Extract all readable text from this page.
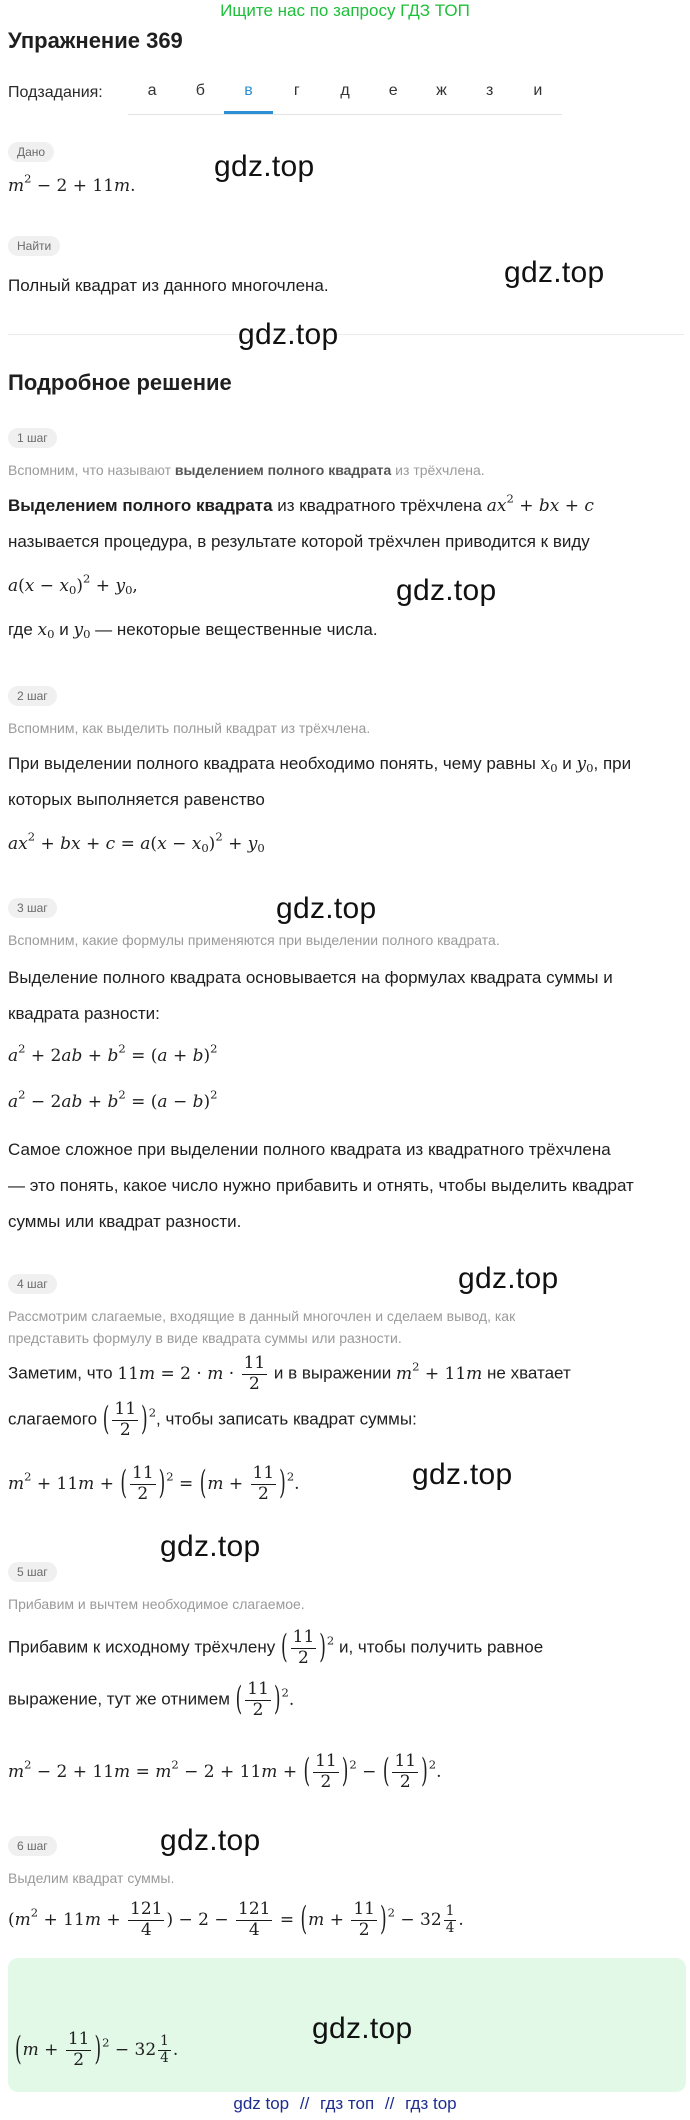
Ищите нас по запросу ГДЗ ТОП
Упражнение 369
Подзадания:	а	б	в	г	д	е	ж	з	и
Дано
$m^2 - 2 + 11m$.
Найти
Полный квадрат из данного многочлена.
Подробное решение
1 шаг
Вспомним, что называют выделением полного квадрата из трёхчлена.
Выделением полного квадрата из квадратного трёхчлена $ax^2$ + bx + c
называется процедура, в результате которой трёхчлен приводится к виду
$a(x - x_0)^2 + y_0$,
где $x_0$ и $y_0$ — некоторые вещественные числа.
2 шаг
Вспомним, как выделить полный квадрат из трёхчлена.
При выделении полного квадрата необходимо понять, чему равны $x_0$ и $y_0$, при
которых выполняется равенство
$ax^2$ + bx + $c = a(x - x_0)^2 + y_0$
3 шаг
Вспомним, какие формулы применяются при выделении полного квадрата.
Выделение полного квадрата основывается на формулах квадрата суммы и
квадрата разности:
$a^2 + 2ab + b^2 = (a + b)^2$
$a^2 - 2ab + b^2 = (a - b)^2$
Самое сложное при выделении полного квадрата из квадратного трёхчлена
— это понять, какое число нужно прибавить и отнять, чтобы выделить квадрат
суммы или квадрат разности.
4 шаг
Рассмотрим слагаемые, входящие в данный многочлен и сделаем вывод, как
представить формулу в виде квадрата суммы или разности.
Заметим, что $11m = 2 \cdot m \cdot \frac{11}{2}$ и в выражении $m^2 + 11m$ не хватает
слагаемого ( $\frac{11}{2} )^2$, чтобы записать квадрат суммы:
$m^2 + 11m$ + ( $\frac{11}{2} )^2 = (m + \frac{11}{2} )^2$.
5 шаг
Прибавим и вычтем необходимое слагаемое.
Прибавим к исходному трёхчлену ( $\frac{11}{2} )^2$ и, чтобы получить равное
выражение, тут же отнимем ( $\frac{11}{2} )^2$.
$m^2 - 2 + 11m = m^2 - 2 + 11m$ + ( $\frac{11}{2} )^2$ − ( $\frac{11}{2} )^2$.
6 шаг
Выделим квадрат суммы.
($m^2 + 11m + \frac{121}{4}$ ) − $2 - \frac{121}{4} = (m + \frac{11}{2} )^2 - 32 \frac{1}{4}$ .
$(m + \frac{11}{2} )^2 - 32 \frac{1}{4}$ .
gdz.top
gdz.top
gdz.top
gdz.top
gdz.top
gdz.top
gdz.top
gdz.top
gdz.top
gdz.top
gdz top // гдз топ // гдз top
